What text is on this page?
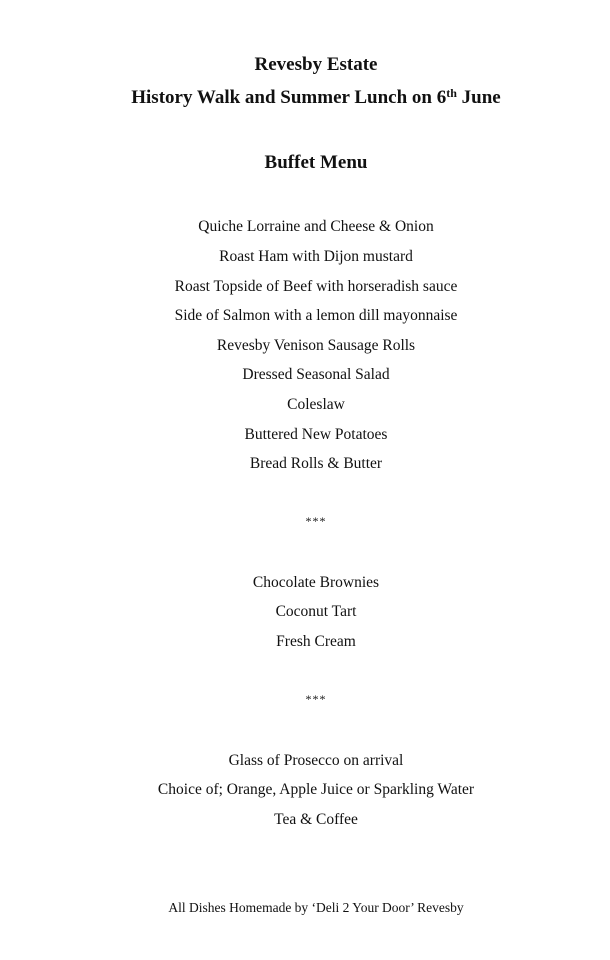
Revesby Estate
History Walk and Summer Lunch on 6th June
Buffet Menu
Quiche Lorraine and Cheese & Onion
Roast Ham with Dijon mustard
Roast Topside of Beef with horseradish sauce
Side of Salmon with a lemon dill mayonnaise
Revesby Venison Sausage Rolls
Dressed Seasonal Salad
Coleslaw
Buttered New Potatoes
Bread Rolls & Butter
***
Chocolate Brownies
Coconut Tart
Fresh Cream
***
Glass of Prosecco on arrival
Choice of; Orange, Apple Juice or Sparkling Water
Tea & Coffee
All Dishes Homemade by ‘Deli 2 Your Door’ Revesby
